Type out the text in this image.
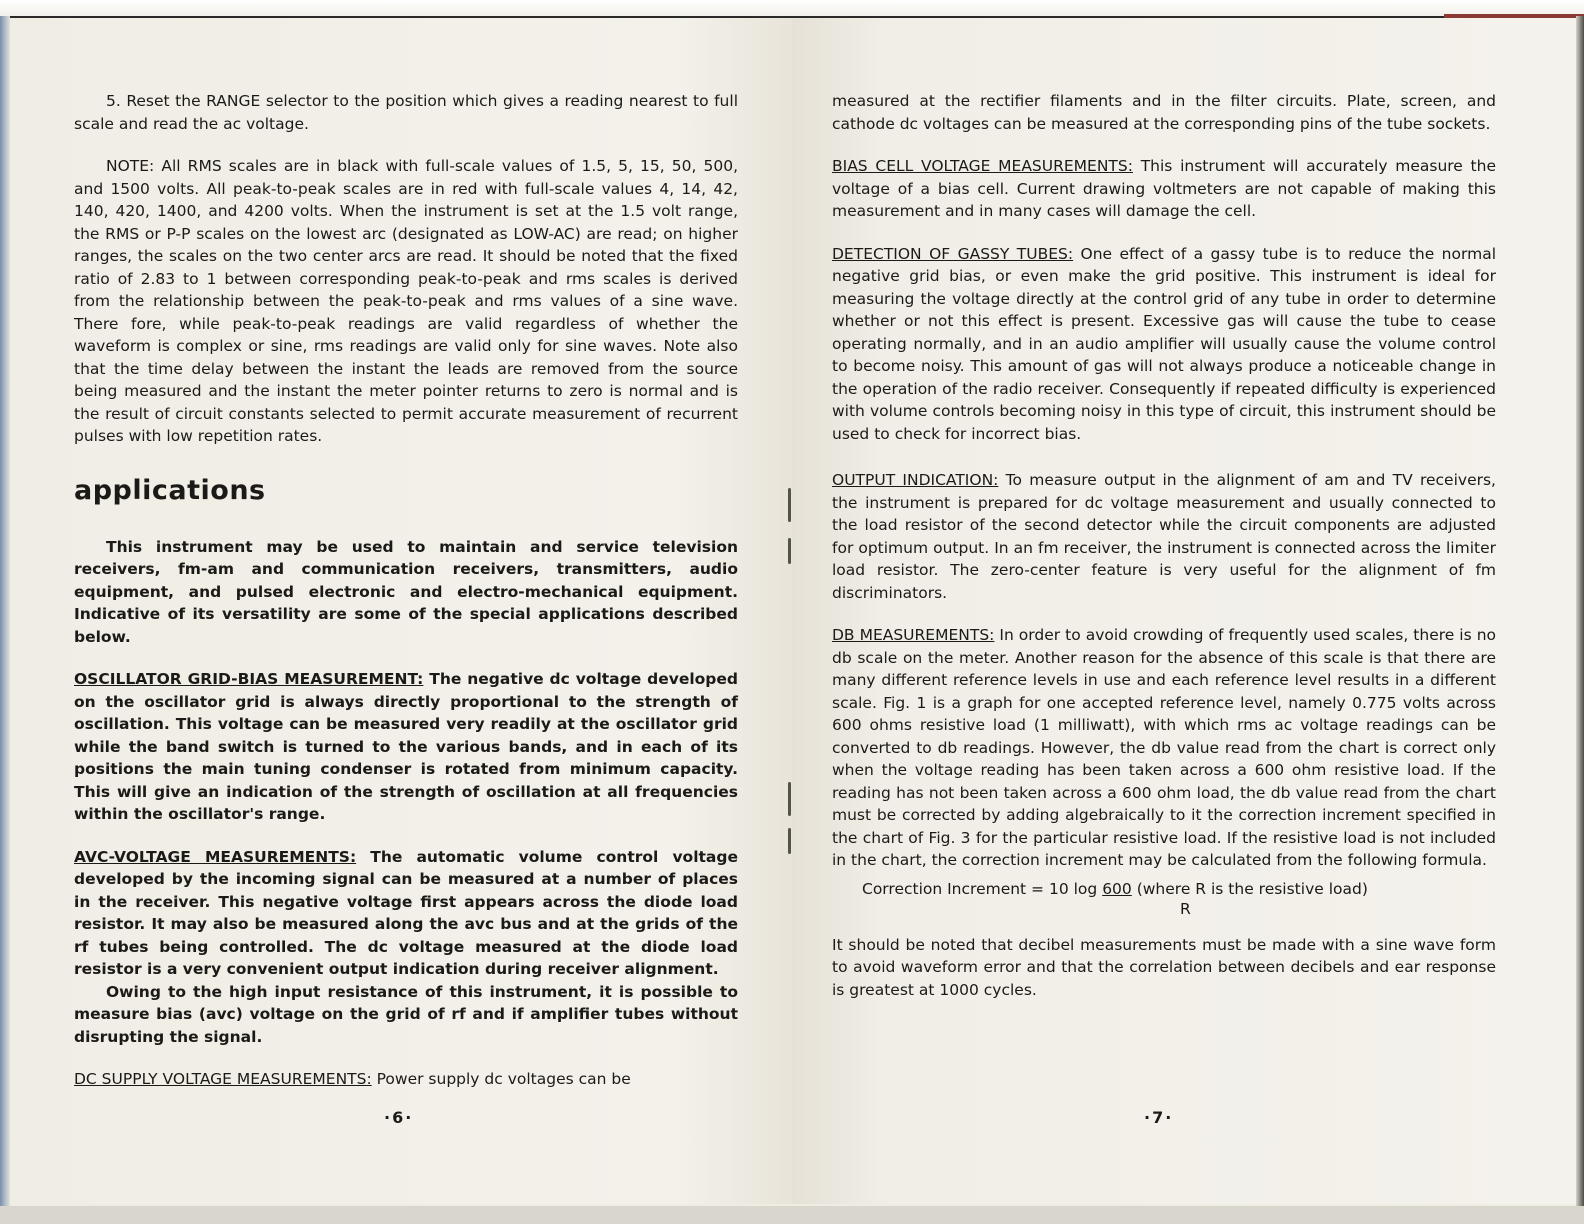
5. Reset the RANGE selector to the position which gives a reading nearest to full scale and read the ac voltage.

NOTE: All RMS scales are in black with full-scale values of 1.5, 5, 15, 50, 500, and 1500 volts. All peak-to-peak scales are in red with full-scale values 4, 14, 42, 140, 420, 1400, and 4200 volts. When the instrument is set at the 1.5 volt range, the RMS or P-P scales on the lowest arc (designated as LOW-AC) are read; on higher ranges, the scales on the two center arcs are read. It should be noted that the fixed ratio of 2.83 to 1 between corresponding peak-to-peak and rms scales is derived from the relationship between the peak-to-peak and rms values of a sine wave. There fore, while peak-to-peak readings are valid regardless of whether the waveform is complex or sine, rms readings are valid only for sine waves. Note also that the time delay between the instant the leads are removed from the source being measured and the instant the meter pointer returns to zero is normal and is the result of circuit constants selected to permit accurate measurement of recurrent pulses with low repetition rates.

applications

This instrument may be used to maintain and service television receivers, fm-am and communication receivers, transmitters, audio equipment, and pulsed electronic and electro-mechanical equipment. Indicative of its versatility are some of the special applications described below.

OSCILLATOR GRID-BIAS MEASUREMENT: The negative dc voltage developed on the oscillator grid is always directly proportional to the strength of oscillation. This voltage can be measured very readily at the oscillator grid while the band switch is turned to the various bands, and in each of its positions the main tuning condenser is rotated from minimum capacity. This will give an indication of the strength of oscillation at all frequencies within the oscillator's range.

AVC-VOLTAGE MEASUREMENTS: The automatic volume control voltage developed by the incoming signal can be measured at a number of places in the receiver. This negative voltage first appears across the diode load resistor. It may also be measured along the avc bus and at the grids of the rf tubes being controlled. The dc voltage measured at the diode load resistor is a very convenient output indication during receiver alignment.

Owing to the high input resistance of this instrument, it is possible to measure bias (avc) voltage on the grid of rf and if amplifier tubes without disrupting the signal.

DC SUPPLY VOLTAGE MEASUREMENTS: Power supply dc voltages can be

·6·

measured at the rectifier filaments and in the filter circuits. Plate, screen, and cathode dc voltages can be measured at the corresponding pins of the tube sockets.

BIAS CELL VOLTAGE MEASUREMENTS: This instrument will accurately measure the voltage of a bias cell. Current drawing voltmeters are not capable of making this measurement and in many cases will damage the cell.

DETECTION OF GASSY TUBES: One effect of a gassy tube is to reduce the normal negative grid bias, or even make the grid positive. This instrument is ideal for measuring the voltage directly at the control grid of any tube in order to determine whether or not this effect is present. Excessive gas will cause the tube to cease operating normally, and in an audio amplifier will usually cause the volume control to become noisy. This amount of gas will not always produce a noticeable change in the operation of the radio receiver. Consequently if repeated difficulty is experienced with volume controls becoming noisy in this type of circuit, this instrument should be used to check for incorrect bias.

OUTPUT INDICATION: To measure output in the alignment of am and TV receivers, the instrument is prepared for dc voltage measurement and usually connected to the load resistor of the second detector while the circuit components are adjusted for optimum output. In an fm receiver, the instrument is connected across the limiter load resistor. The zero-center feature is very useful for the alignment of fm discriminators.

DB MEASUREMENTS: In order to avoid crowding of frequently used scales, there is no db scale on the meter. Another reason for the absence of this scale is that there are many different reference levels in use and each reference level results in a different scale. Fig. 1 is a graph for one accepted reference level, namely 0.775 volts across 600 ohms resistive load (1 milliwatt), with which rms ac voltage readings can be converted to db readings. However, the db value read from the chart is correct only when the voltage reading has been taken across a 600 ohm resistive load. If the reading has not been taken across a 600 ohm load, the db value read from the chart must be corrected by adding algebraically to it the correction increment specified in the chart of Fig. 3 for the particular resistive load. If the resistive load is not included in the chart, the correction increment may be calculated from the following formula.

Correction Increment = 10 log 600 (where R is the resistive load)
R

It should be noted that decibel measurements must be made with a sine wave form to avoid waveform error and that the correlation between decibels and ear response is greatest at 1000 cycles.

·7·
